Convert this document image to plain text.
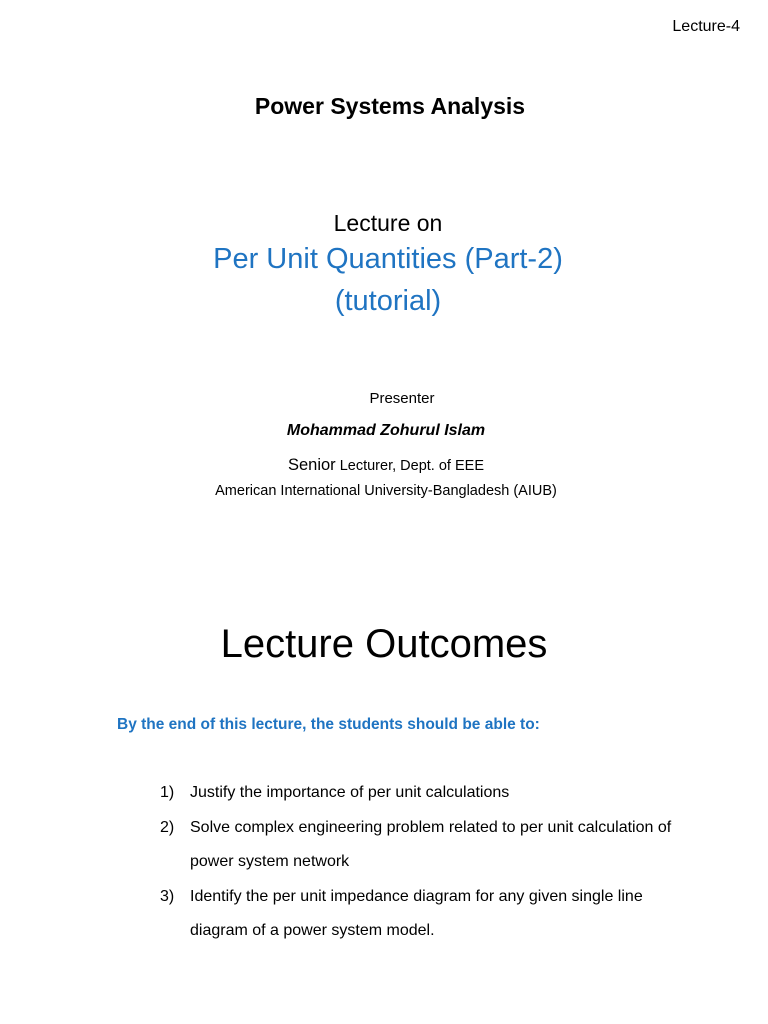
Lecture-4
Power Systems Analysis
Lecture on
Per Unit Quantities (Part-2)
(tutorial)
Presenter
Mohammad Zohurul Islam
Senior Lecturer, Dept. of EEE
American International University-Bangladesh (AIUB)
Lecture Outcomes
By the end of this lecture, the students should be able to:
1) Justify the importance of per unit calculations
2) Solve complex engineering problem related to per unit calculation of power system network
3) Identify the per unit impedance diagram for any given single line diagram of a power system model.
